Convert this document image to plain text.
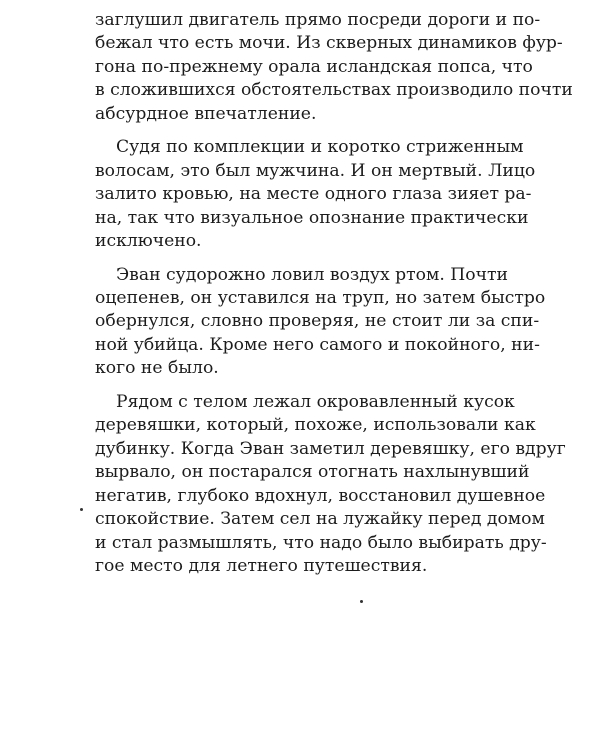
заглушил двигатель прямо посреди дороги и по-
бежал что есть мочи. Из скверных динамиков фур-
гона по-прежнему орала исландская попса, что
в сложившихся обстоятельствах производило почти
абсурдное впечатление.

Судя по комплекции и коротко стриженным
волосам, это был мужчина. И он мертвый. Лицо
залито кровью, на месте одного глаза зияет ра-
на, так что визуальное опознание практически
исключено.

Эван судорожно ловил воздух ртом. Почти
оцепенев, он уставился на труп, но затем быстро
обернулся, словно проверяя, не стоит ли за спи-
ной убийца. Кроме него самого и покойного, ни-
кого не было.

Рядом с телом лежал окровавленный кусок
деревяшки, который, похоже, использовали как
дубинку. Когда Эван заметил деревяшку, его вдруг
вырвало, он постарался отогнать нахлынувший
негатив, глубоко вдохнул, восстановил душевное
спокойствие. Затем сел на лужайку перед домом
и стал размышлять, что надо было выбирать дру-
гое место для летнего путешествия.
